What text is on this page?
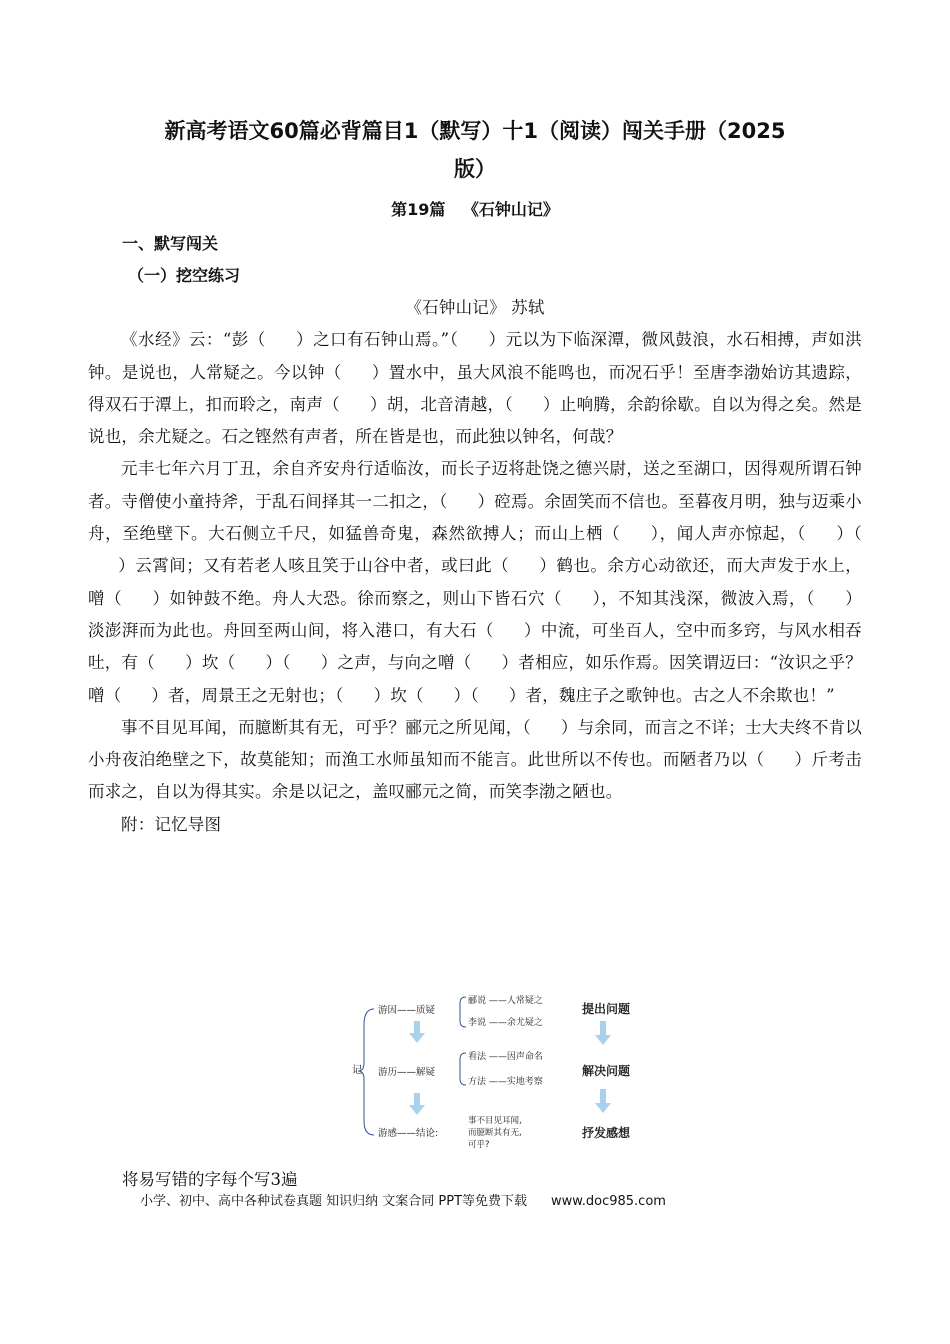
新高考语文60篇必背篇目1（默写）十1（阅读）闯关手册（2025
版）
第19篇 《石钟山记》
一、默写闯关
（一）挖空练习
《石钟山记》 苏轼

《水经》云：“彭（ ）之口有石钟山焉。”（ ）元以为下临深潭，微风鼓浪，水石相搏，声如洪钟。是说也，人常疑之。今以钟（ ）置水中，虽大风浪不能鸣也，而况石乎！至唐李渤始访其遗踪，得双石于潭上，扣而聆之，南声（ ）胡，北音清越，（ ）止响腾，余韵徐歇。自以为得之矣。然是说也，余尤疑之。石之铿然有声者，所在皆是也，而此独以钟名，何哉？

元丰七年六月丁丑，余自齐安舟行适临汝，而长子迈将赴饶之德兴尉，送之至湖口，因得观所谓石钟者。寺僧使小童持斧，于乱石间择其一二扣之，（ ）硿焉。余固笑而不信也。至暮夜月明，独与迈乘小舟，至绝壁下。大石侧立千尺，如猛兽奇鬼，森然欲搏人；而山上栖（ ），闻人声亦惊起，（ ）（）云霄间；又有若老人咳且笑于山谷中者，或曰此（ ）鹤也。余方心动欲还，而大声发于水上，噌（ ）如钟鼓不绝。舟人大恐。徐而察之，则山下皆石穴（ ），不知其浅深，微波入焉，（ ）淡澎湃而为此也。舟回至两山间，将入港口，有大石（ ）中流，可坐百人，空中而多窍，与风水相吞吐，有（ ）坎（ ）（ ）之声，与向之噌（ ）者相应，如乐作焉。因笑谓迈曰：“汝识之乎？噌（ ）者，周景王之无射也；（ ）坎（ ）（ ）者，魏庄子之歌钟也。古之人不余欺也！”

事不目见耳闻，而臆断其有无，可乎？郦元之所见闻，（ ）与余同，而言之不详；士大夫终不肯以小舟夜泊绝壁之下，故莫能知；而渔工水师虽知而不能言。此世所以不传也。而陋者乃以（ ）斤考击而求之，自以为得其实。余是以记之，盖叹郦元之简，而笑李渤之陋也。

附：记忆导图

记
游因——质疑
郦说 ——人常疑之
李说 ——余尤疑之
提出问题
游历——解疑
看法 ——因声命名
方法 ——实地考察
解决问题
游感——结论:
事不目见耳闻,
而臆断其有无,
可乎?
抒发感想
将易写错的字每个写3遍
小学、初中、高中各种试卷真题 知识归纳 文案合同 PPT等免费下载 www.doc985.com
